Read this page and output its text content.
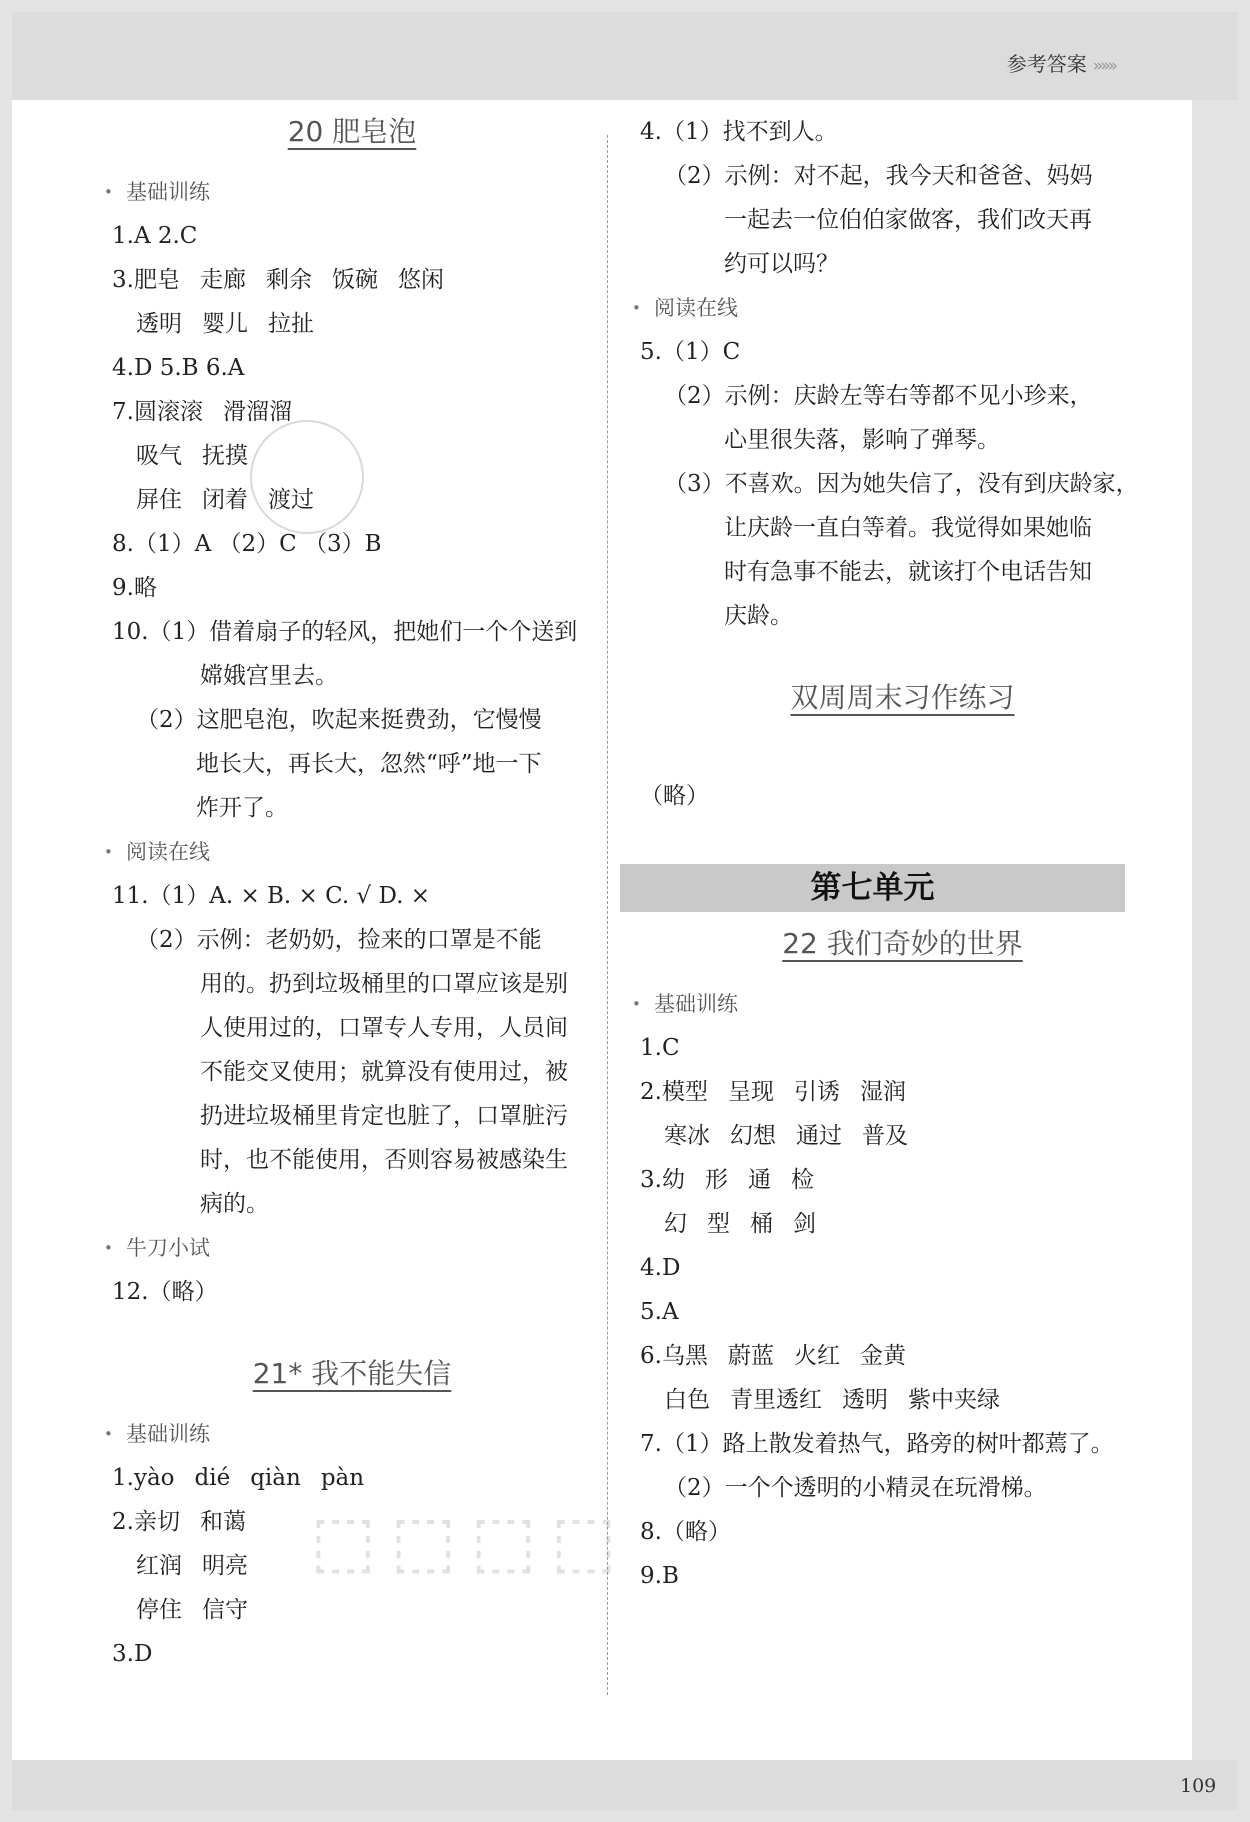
参考答案 »»»
20 肥皂泡
• 基础训练
1.A 2.C
3.肥皂 走廊 剩余 饭碗 悠闲
透明 婴儿 拉扯
4.D 5.B 6.A
7.圆滚滚 滑溜溜
吸气 抚摸
屏住 闭着 渡过
8.（1）A （2）C （3）B
9.略
10.（1）借着扇子的轻风，把她们一个个送到
嫦娥宫里去。
（2）这肥皂泡，吹起来挺费劲，它慢慢
地长大，再长大，忽然“呼”地一下
炸开了。
• 阅读在线
11.（1）A. × B. × C. √ D. ×
（2）示例：老奶奶，捡来的口罩是不能
用的。扔到垃圾桶里的口罩应该是别
人使用过的，口罩专人专用，人员间
不能交叉使用；就算没有使用过，被
扔进垃圾桶里肯定也脏了，口罩脏污
时，也不能使用，否则容易被感染生
病的。
• 牛刀小试
12.（略）
21* 我不能失信
• 基础训练
1.yào dié qiàn pàn
2.亲切 和蔼
红润 明亮
停住 信守
3.D
4.（1）找不到人。
（2）示例：对不起，我今天和爸爸、妈妈
一起去一位伯伯家做客，我们改天再
约可以吗？
• 阅读在线
5.（1）C
（2）示例：庆龄左等右等都不见小珍来，
心里很失落，影响了弹琴。
（3）不喜欢。因为她失信了，没有到庆龄家，
让庆龄一直白等着。我觉得如果她临
时有急事不能去，就该打个电话告知
庆龄。
双周周末习作练习
（略）
第七单元
22 我们奇妙的世界
• 基础训练
1.C
2.模型 呈现 引诱 湿润
寒冰 幻想 通过 普及
3.幼 形 通 检
幻 型 桶 剑
4.D
5.A
6.乌黑 蔚蓝 火红 金黄
白色 青里透红 透明 紫中夹绿
7.（1）路上散发着热气，路旁的树叶都蔫了。
（2）一个个透明的小精灵在玩滑梯。
8.（略）
9.B
⬚⬚⬚⬚
109
